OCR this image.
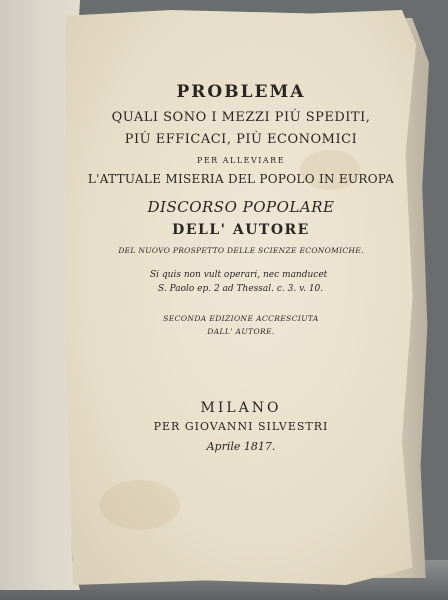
PROBLEMA
QUALI SONO I MEZZI PIÙ SPEDITI,
PIÙ EFFICACI, PIÙ ECONOMICI
PER ALLEVIARE
L'ATTUALE MISERIA DEL POPOLO IN EUROPA
DISCORSO POPOLARE
DELL' AUTORE
DEL NUOVO PROSPETTO DELLE SCIENZE ECONOMICHE.
Si quis non vult operari, nec manducet
S. Paolo ep. 2 ad Thessal. c. 3. v. 10.
SECONDA EDIZIONE ACCRESCIUTA
DALL' AUTORE.
MILANO
PER GIOVANNI SILVESTRI
Aprile 1817.
